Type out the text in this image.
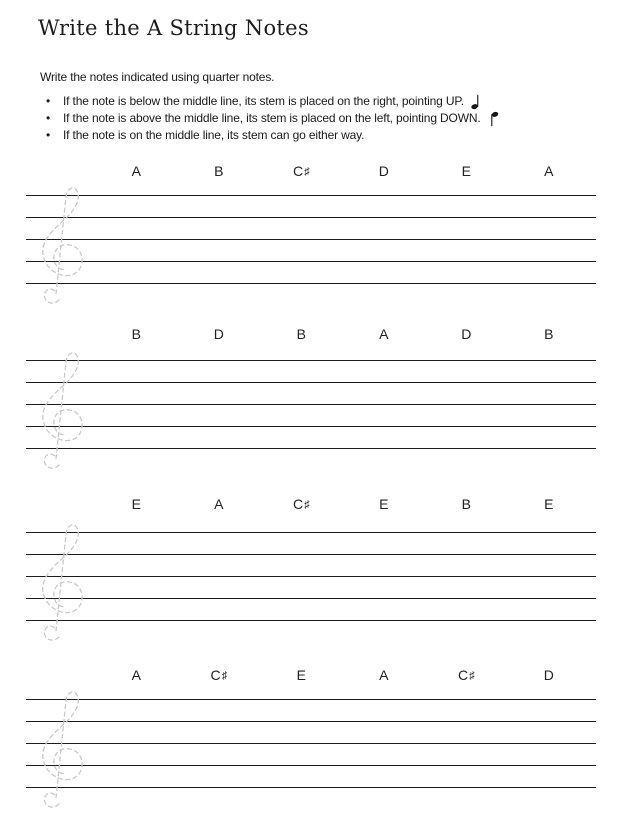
Write the A String Notes

Write the notes indicated using quarter notes.

•	If the note is below the middle line, its stem is placed on the right, pointing UP.
•	If the note is above the middle line, its stem is placed on the left, pointing DOWN.
•	If the note is on the middle line, its stem can go either way.
A	B	C♯	D	E	A
B	D	B	A	D	B
E	A	C♯	E	B	E
A	C♯	E	A	C♯	D
